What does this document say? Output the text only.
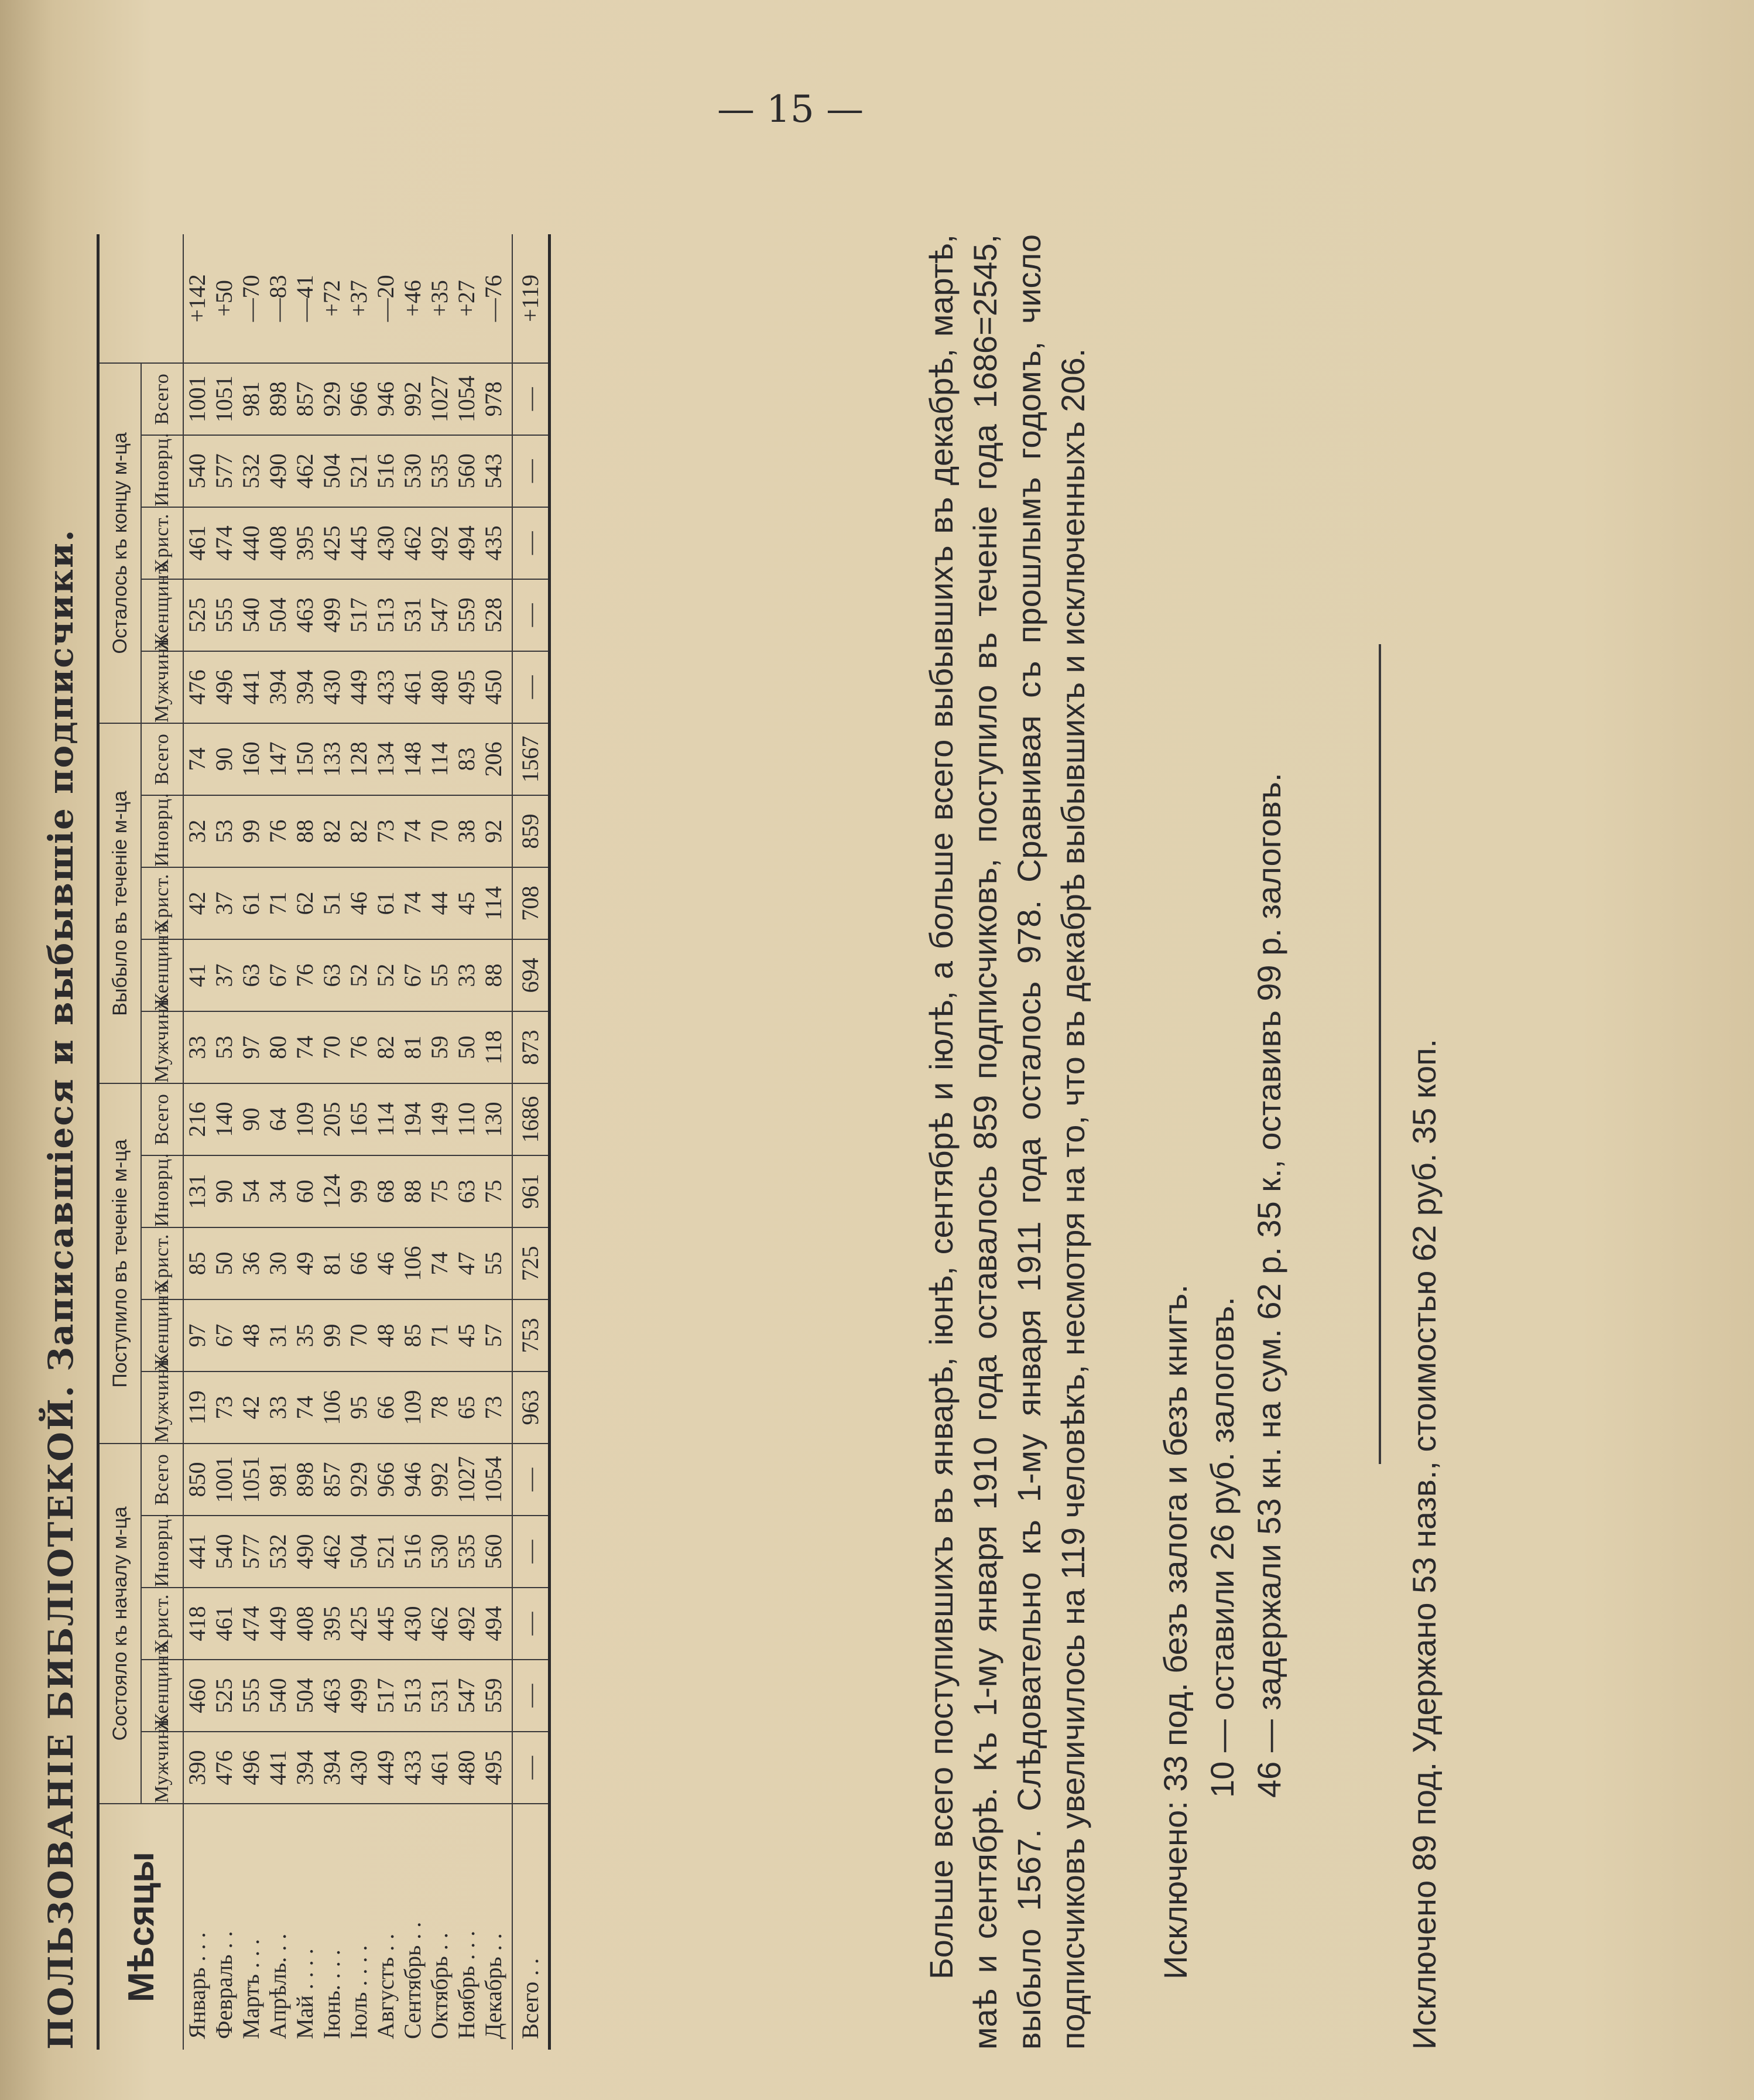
— 15 —
ПОЛЬЗОВАНІЕ БИБЛІОТЕКОЙ. Записавшіеся и выбывшіе подписчики. Мѣсяцы	Состояло къ началу м-ца					Поступило въ теченіе м-ца					Выбыло въ теченіе м-ца					Осталось къ концу м-ца					
	Мужчинъ	Женщинъ	Христ.	Иноврц.	Всего	Мужчинъ	Женщинъ	Христ.	Иноврц.	Всего	Мужчинъ	Женщинъ	Христ.	Иноврц.	Всего	Мужчинъ	Женщинъ	Христ.	Иноврц.	Всего	
Январь . . .	390	460	418	441	850	119	97	85	131	216	33	41	42	32	74	476	525	461	540	1001	+142
Февраль . .	476	525	461	540	1001	73	67	50	90	140	53	37	37	53	90	496	555	474	577	1051	+50
Мартъ . . .	496	555	474	577	1051	42	48	36	54	90	97	63	61	99	160	441	540	440	532	981	—70
Апрѣль. . .	441	540	449	532	981	33	31	30	34	64	80	67	71	76	147	394	504	408	490	898	—83
Май . . . .	394	504	408	490	898	74	35	49	60	109	74	76	62	88	150	394	463	395	462	857	—41
Іюнь. . . .	394	463	395	462	857	106	99	81	124	205	70	63	51	82	133	430	499	425	504	929	+72
Іюль . . . .	430	499	425	504	929	95	70	66	99	165	76	52	46	82	128	449	517	445	521	966	+37
Августъ . .	449	517	445	521	966	66	48	46	68	114	82	52	61	73	134	433	513	430	516	946	—20
Сентябрь . .	433	513	430	516	946	109	85	106	88	194	81	67	74	74	148	461	531	462	530	992	+46
Октябрь . .	461	531	462	530	992	78	71	74	75	149	59	55	44	70	114	480	547	492	535	1027	+35
Ноябрь . . .	480	547	492	535	1027	65	45	47	63	110	50	33	45	38	83	495	559	494	560	1054	+27
Декабрь . .	495	559	494	560	1054	73	57	55	75	130	118	88	114	92	206	450	528	435	543	978	—76
Всего . .	—	—	—	—	—	963	753	725	961	1686	873	694	708	859	1567	—	—	—	—	—	+119	Больше всего поступившихъ въ январѣ, іюнѣ, сентябрѣ и іюлѣ, а больше всего выбывшихъ въ декабрѣ, мартѣ, маѣ и сентябрѣ. Къ 1-му января 1910 года оставалось 859 подписчиковъ, поступило въ теченіе года 1686=2545, выбыло 1567. Слѣдовательно къ 1-му января 1911 года осталось 978. Сравнивая съ прошлымъ годомъ, число подписчиковъ увеличилось на 119 человѣкъ, несмотря на то, что въ декабрѣ выбывшихъ и исключенныхъ 206. Исключено: 33 под. безъ залога и безъ книгъ. 10 — оставили 26 руб. залоговъ. 46 — задержали 53 кн. на сум. 62 р. 35 к., оставивъ 99 р. залоговъ.	Исключено 89 под. Удержано 53 назв., стоимостью 62 руб. 35 коп.
